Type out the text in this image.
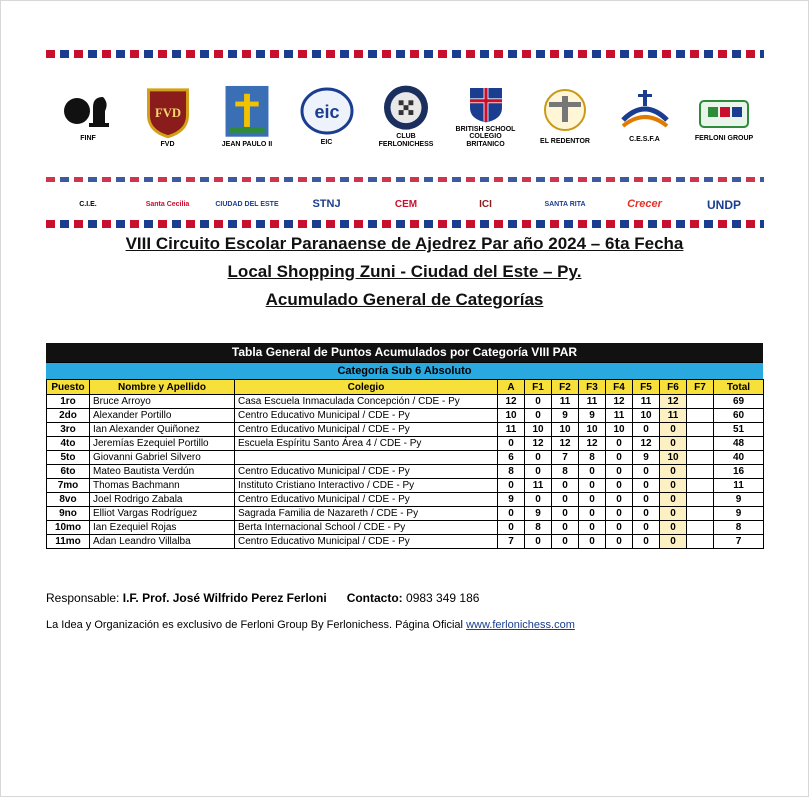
FINF
FVD
FVD	JEAN PAULO II
eic
EIC
CLUB FERLONICHESS
BRITISH SCHOOL COLEGIO BRITANICO	EL REDENTOR	C.E.S.F.A	FERLONI GROUP
C.I.E.	Santa Cecilia	CIUDAD DEL ESTE	STNJ	CEM	ICI	SANTA RITA	Crecer	UNDP
VIII Circuito Escolar Paranaense de Ajedrez Par año 2024 – 6ta Fecha
Local Shopping Zuni - Ciudad del Este – Py.
Acumulado General de Categorías
Tabla General de Puntos Acumulados por Categoría VIII PAR
Categoría Sub 6 Absoluto
Puesto	Nombre y Apellido	Colegio	A	F1	F2	F3	F4	F5	F6	F7	Total
1ro	Bruce Arroyo	Casa Escuela Inmaculada Concepción / CDE - Py	12	0	11	11	12	11	12		69
2do	Alexander Portillo	Centro Educativo Municipal / CDE - Py	10	0	9	9	11	10	11		60
3ro	Ian Alexander Quiñonez	Centro Educativo Municipal / CDE - Py	11	10	10	10	10	0	0		51
4to	Jeremías Ezequiel Portillo	Escuela Espíritu Santo Área 4 / CDE - Py	0	12	12	12	0	12	0		48
5to	Giovanni Gabriel Silvero		6	0	7	8	0	9	10		40
6to	Mateo Bautista Verdún	Centro Educativo Municipal / CDE - Py	8	0	8	0	0	0	0		16
7mo	Thomas Bachmann	Instituto Cristiano Interactivo / CDE - Py	0	11	0	0	0	0	0		11
8vo	Joel Rodrigo Zabala	Centro Educativo Municipal / CDE - Py	9	0	0	0	0	0	0		9
9no	Elliot Vargas Rodríguez	Sagrada Familia de Nazareth / CDE - Py	0	9	0	0	0	0	0		9
10mo	Ian Ezequiel Rojas	Berta Internacional School / CDE - Py	0	8	0	0	0	0	0		8
11mo	Adan Leandro Villalba	Centro Educativo Municipal / CDE - Py	7	0	0	0	0	0	0		7
Responsable: I.F. Prof. José Wilfrido Perez Ferloni Contacto: 0983 349 186
La Idea y Organización es exclusivo de Ferloni Group By Ferlonichess. Página Oficial www.ferlonichess.com
